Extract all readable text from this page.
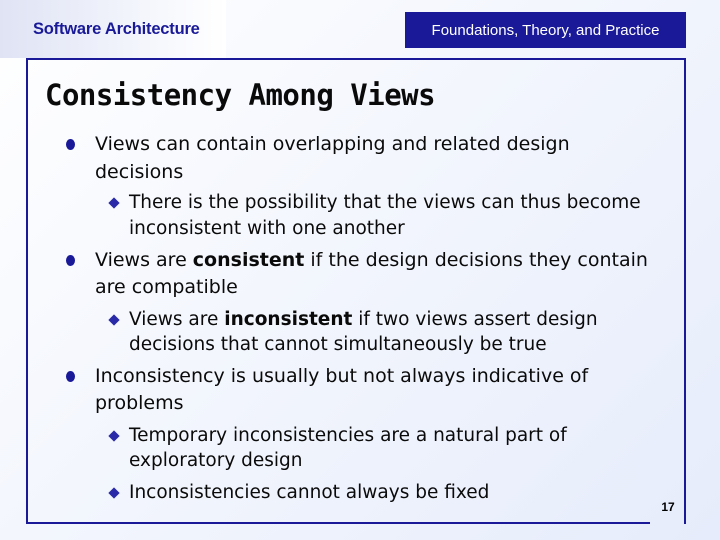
Software Architecture	Foundations, Theory, and Practice
Consistency Among Views
Views can contain overlapping and related design
decisions
There is the possibility that the views can thus become
inconsistent with one another
Views are consistent if the design decisions they contain
are compatible
Views are inconsistent if two views assert design
decisions that cannot simultaneously be true
Inconsistency is usually but not always indicative of
problems
Temporary inconsistencies are a natural part of
exploratory design
Inconsistencies cannot always be fixed
17
